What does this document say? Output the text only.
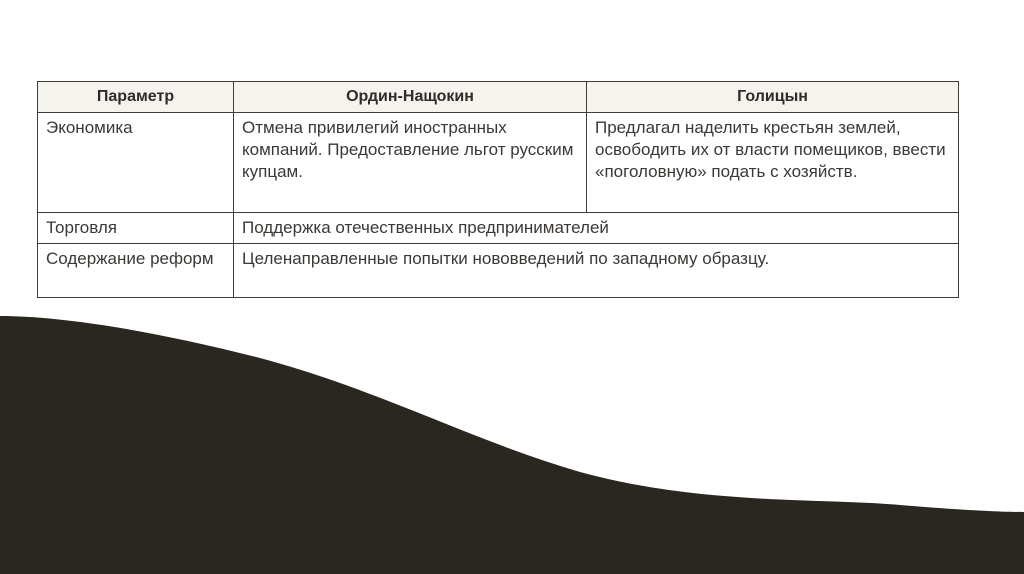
Параметр	Ордин-Нащокин	Голицын
Экономика	Отмена привилегий иностранных компаний. Предоставление льгот русским купцам.	Предлагал наделить крестьян землей, освободить их от власти помещиков, ввести «поголовную» подать с хозяйств.
Торговля	Поддержка отечественных предпринимателей	
Содержание реформ	Целенаправленные попытки нововведений по западному образцу.	
